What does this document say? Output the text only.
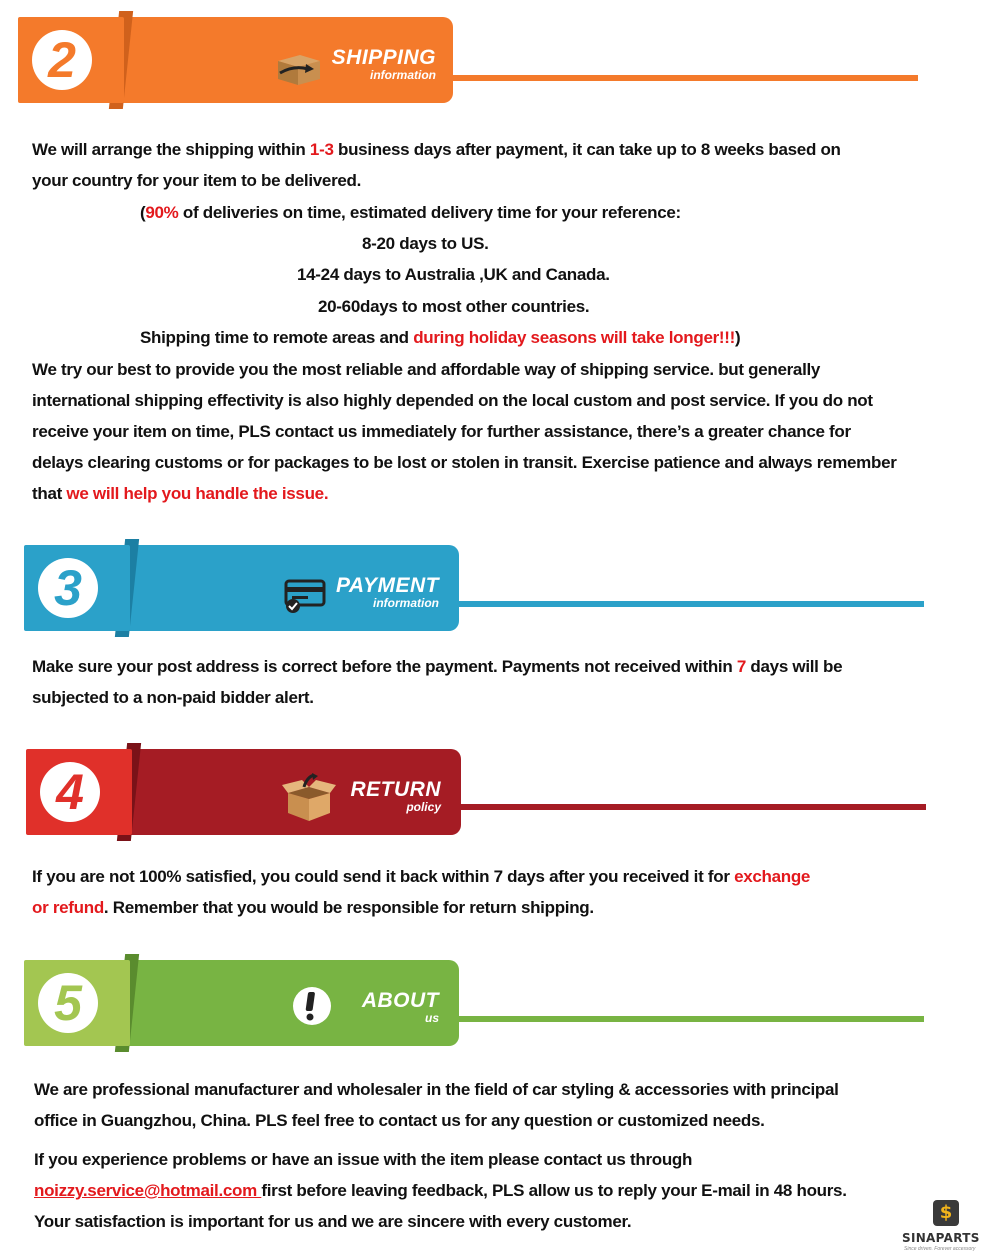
2	SHIPPING
information
We will arrange the shipping within 1-3 business days after payment, it can take up to 8 weeks based on
your country for your item to be delivered.
(90% of deliveries on time, estimated delivery time for your reference:
8-20 days to US.
14-24 days to Australia ,UK and Canada.
20-60days to most other countries.
Shipping time to remote areas and during holiday seasons will take longer!!!)
We try our best to provide you the most reliable and affordable way of shipping service. but generally
international shipping effectivity is also highly depended on the local custom and post service. If you do not
receive your item on time, PLS contact us immediately for further assistance, there’s a greater chance for
delays clearing customs or for packages to be lost or stolen in transit. Exercise patience and always remember
that we will help you handle the issue.
3	PAYMENT
information
Make sure your post address is correct before the payment. Payments not received within 7 days will be
subjected to a non-paid bidder alert.
4	RETURN
policy
If you are not 100% satisfied, you could send it back within 7 days after you received it for exchange
or refund. Remember that you would be responsible for return shipping.
5	ABOUT
us
We are professional manufacturer and wholesaler in the field of car styling & accessories with principal
office in Guangzhou, China. PLS feel free to contact us for any question or customized needs.
If you experience problems or have an issue with the item please contact us through
noizzy.service@hotmail.com first before leaving feedback, PLS allow us to reply your E-mail in 48 hours.
Your satisfaction is important for us and we are sincere with every customer.	$
SINAPARTS
Since driven. Forever accessory
